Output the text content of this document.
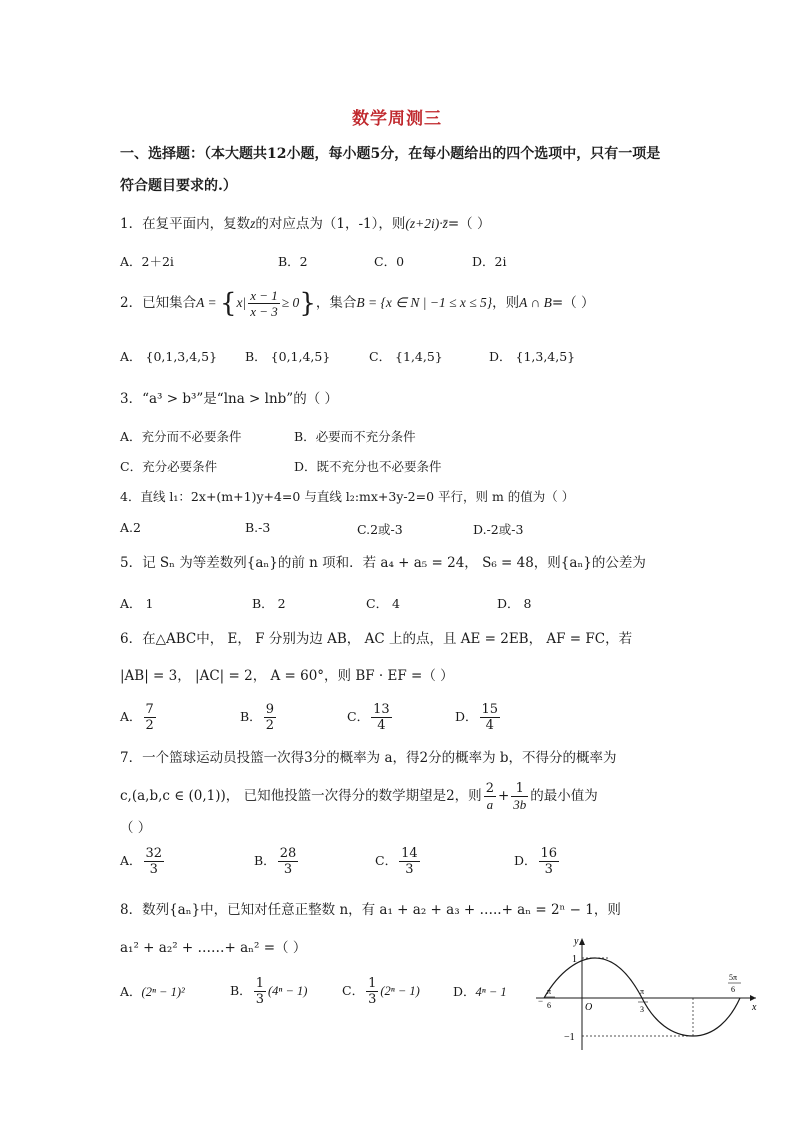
数学周测三
一、选择题：（本大题共12小题，每小题5分，在每小题给出的四个选项中，只有一项是
符合题目要求的.）
1．在复平面内，复数z的对应点为（1，-1），则(z+2i)·z̄=（ ）
A．2＋2i	B．2	C．0	D．2i
2．已知集合$A = \{x| \frac{x - 1}{x - 3} \ge 0\}$，集合B = {x ∈ N | −1 ≤ x ≤ 5}，则A ∩ B=（ ）
A． {0,1,3,4,5} B． {0,1,4,5}	C． {1,4,5}	D． {1,3,4,5}
3．“a³ > b³”是“lna > lnb”的（ ）
A．充分而不必要条件	B．必要而不充分条件
C．充分必要条件	D．既不充分也不必要条件
4．直线 l₁：2x+(m+1)y+4=0 与直线 l₂:mx+3y-2=0 平行，则 m 的值为（ ）
A.2	B.-3	C.2或-3	D.-2或-3
5．记 Sₙ 为等差数列{aₙ}的前 n 项和．若 a₄ + a₅ = 24， S₆ = 48，则{aₙ}的公差为
A． 1	B． 2	C． 4	D． 8
6．在△ABC中， E， F 分别为边 AB， AC 上的点，且 AE = 2EB， AF = FC，若
|AB| = 3， |AC| = 2， A = 60°，则 BF · EF =（ ）
A． $\frac{7}{2}$	B． $\frac{9}{2}$	C． $\frac{13}{4}$	D． $\frac{15}{4}$
7．一个篮球运动员投篮一次得3分的概率为 a，得2分的概率为 b，不得分的概率为
c,(a,b,c ∈ (0,1))， 已知他投篮一次得分的数学期望是2，则 $\frac{2}{a} + \frac{1}{3b}$ 的最小值为
（ ）
A． $\frac{32}{3}$	B． $\frac{28}{3}$	C． $\frac{14}{3}$	D． $\frac{16}{3}$
8．数列{aₙ}中，已知对任意正整数 n，有 a₁ + a₂ + a₃ + …..+ aₙ = 2ⁿ − 1，则
a₁² + a₂² + ……+ aₙ² =（ ）
A．(2ⁿ − 1)²	B． $\frac{1}{3} (4^n - 1)$	C． $\frac{1}{3} (2^n - 1)$	D．4ⁿ − 1
y
x
O
1
−1
−
π
6
π
3
5π
6
